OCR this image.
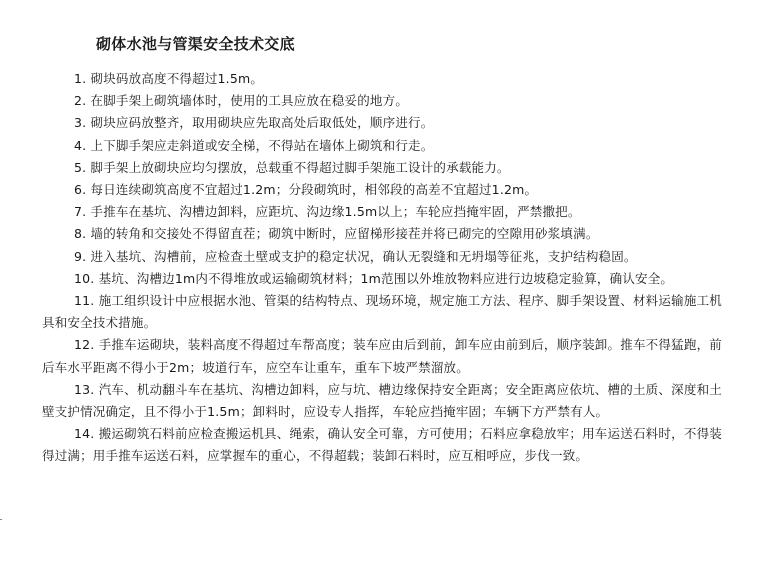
砌体水池与管渠安全技术交底

1. 砌块码放高度不得超过1.5m。

2. 在脚手架上砌筑墙体时，使用的工具应放在稳妥的地方。

3. 砌块应码放整齐，取用砌块应先取高处后取低处，顺序进行。

4. 上下脚手架应走斜道或安全梯，不得站在墙体上砌筑和行走。

5. 脚手架上放砌块应均匀摆放，总载重不得超过脚手架施工设计的承载能力。

6. 每日连续砌筑高度不宜超过1.2m；分段砌筑时，相邻段的高差不宜超过1.2m。

7. 手推车在基坑、沟槽边卸料，应距坑、沟边缘1.5m以上；车轮应挡掩牢固，严禁撒把。

8. 墙的转角和交接处不得留直茬；砌筑中断时，应留梯形接茬并将已砌完的空隙用砂浆填满。

9. 进入基坑、沟槽前，应检查土壁或支护的稳定状况，确认无裂缝和无坍塌等征兆，支护结构稳固。

10. 基坑、沟槽边1m内不得堆放或运输砌筑材料；1m范围以外堆放物料应进行边坡稳定验算，确认安全。

11. 施工组织设计中应根据水池、管渠的结构特点、现场环境，规定施工方法、程序、脚手架设置、材料运输施工机具和安全技术措施。

12. 手推车运砌块，装料高度不得超过车帮高度；装车应由后到前，卸车应由前到后，顺序装卸。推车不得猛跑，前后车水平距离不得小于2m；坡道行车，应空车让重车，重车下坡严禁溜放。

13. 汽车、机动翻斗车在基坑、沟槽边卸料，应与坑、槽边缘保持安全距离；安全距离应依坑、槽的土质、深度和土壁支护情况确定，且不得小于1.5m；卸料时，应设专人指挥，车轮应挡掩牢固；车辆下方严禁有人。

14. 搬运砌筑石料前应检查搬运机具、绳索，确认安全可靠，方可使用；石料应拿稳放牢；用车运送石料时，不得装得过满；用手推车运送石料，应掌握车的重心，不得超载；装卸石料时，应互相呼应，步伐一致。
